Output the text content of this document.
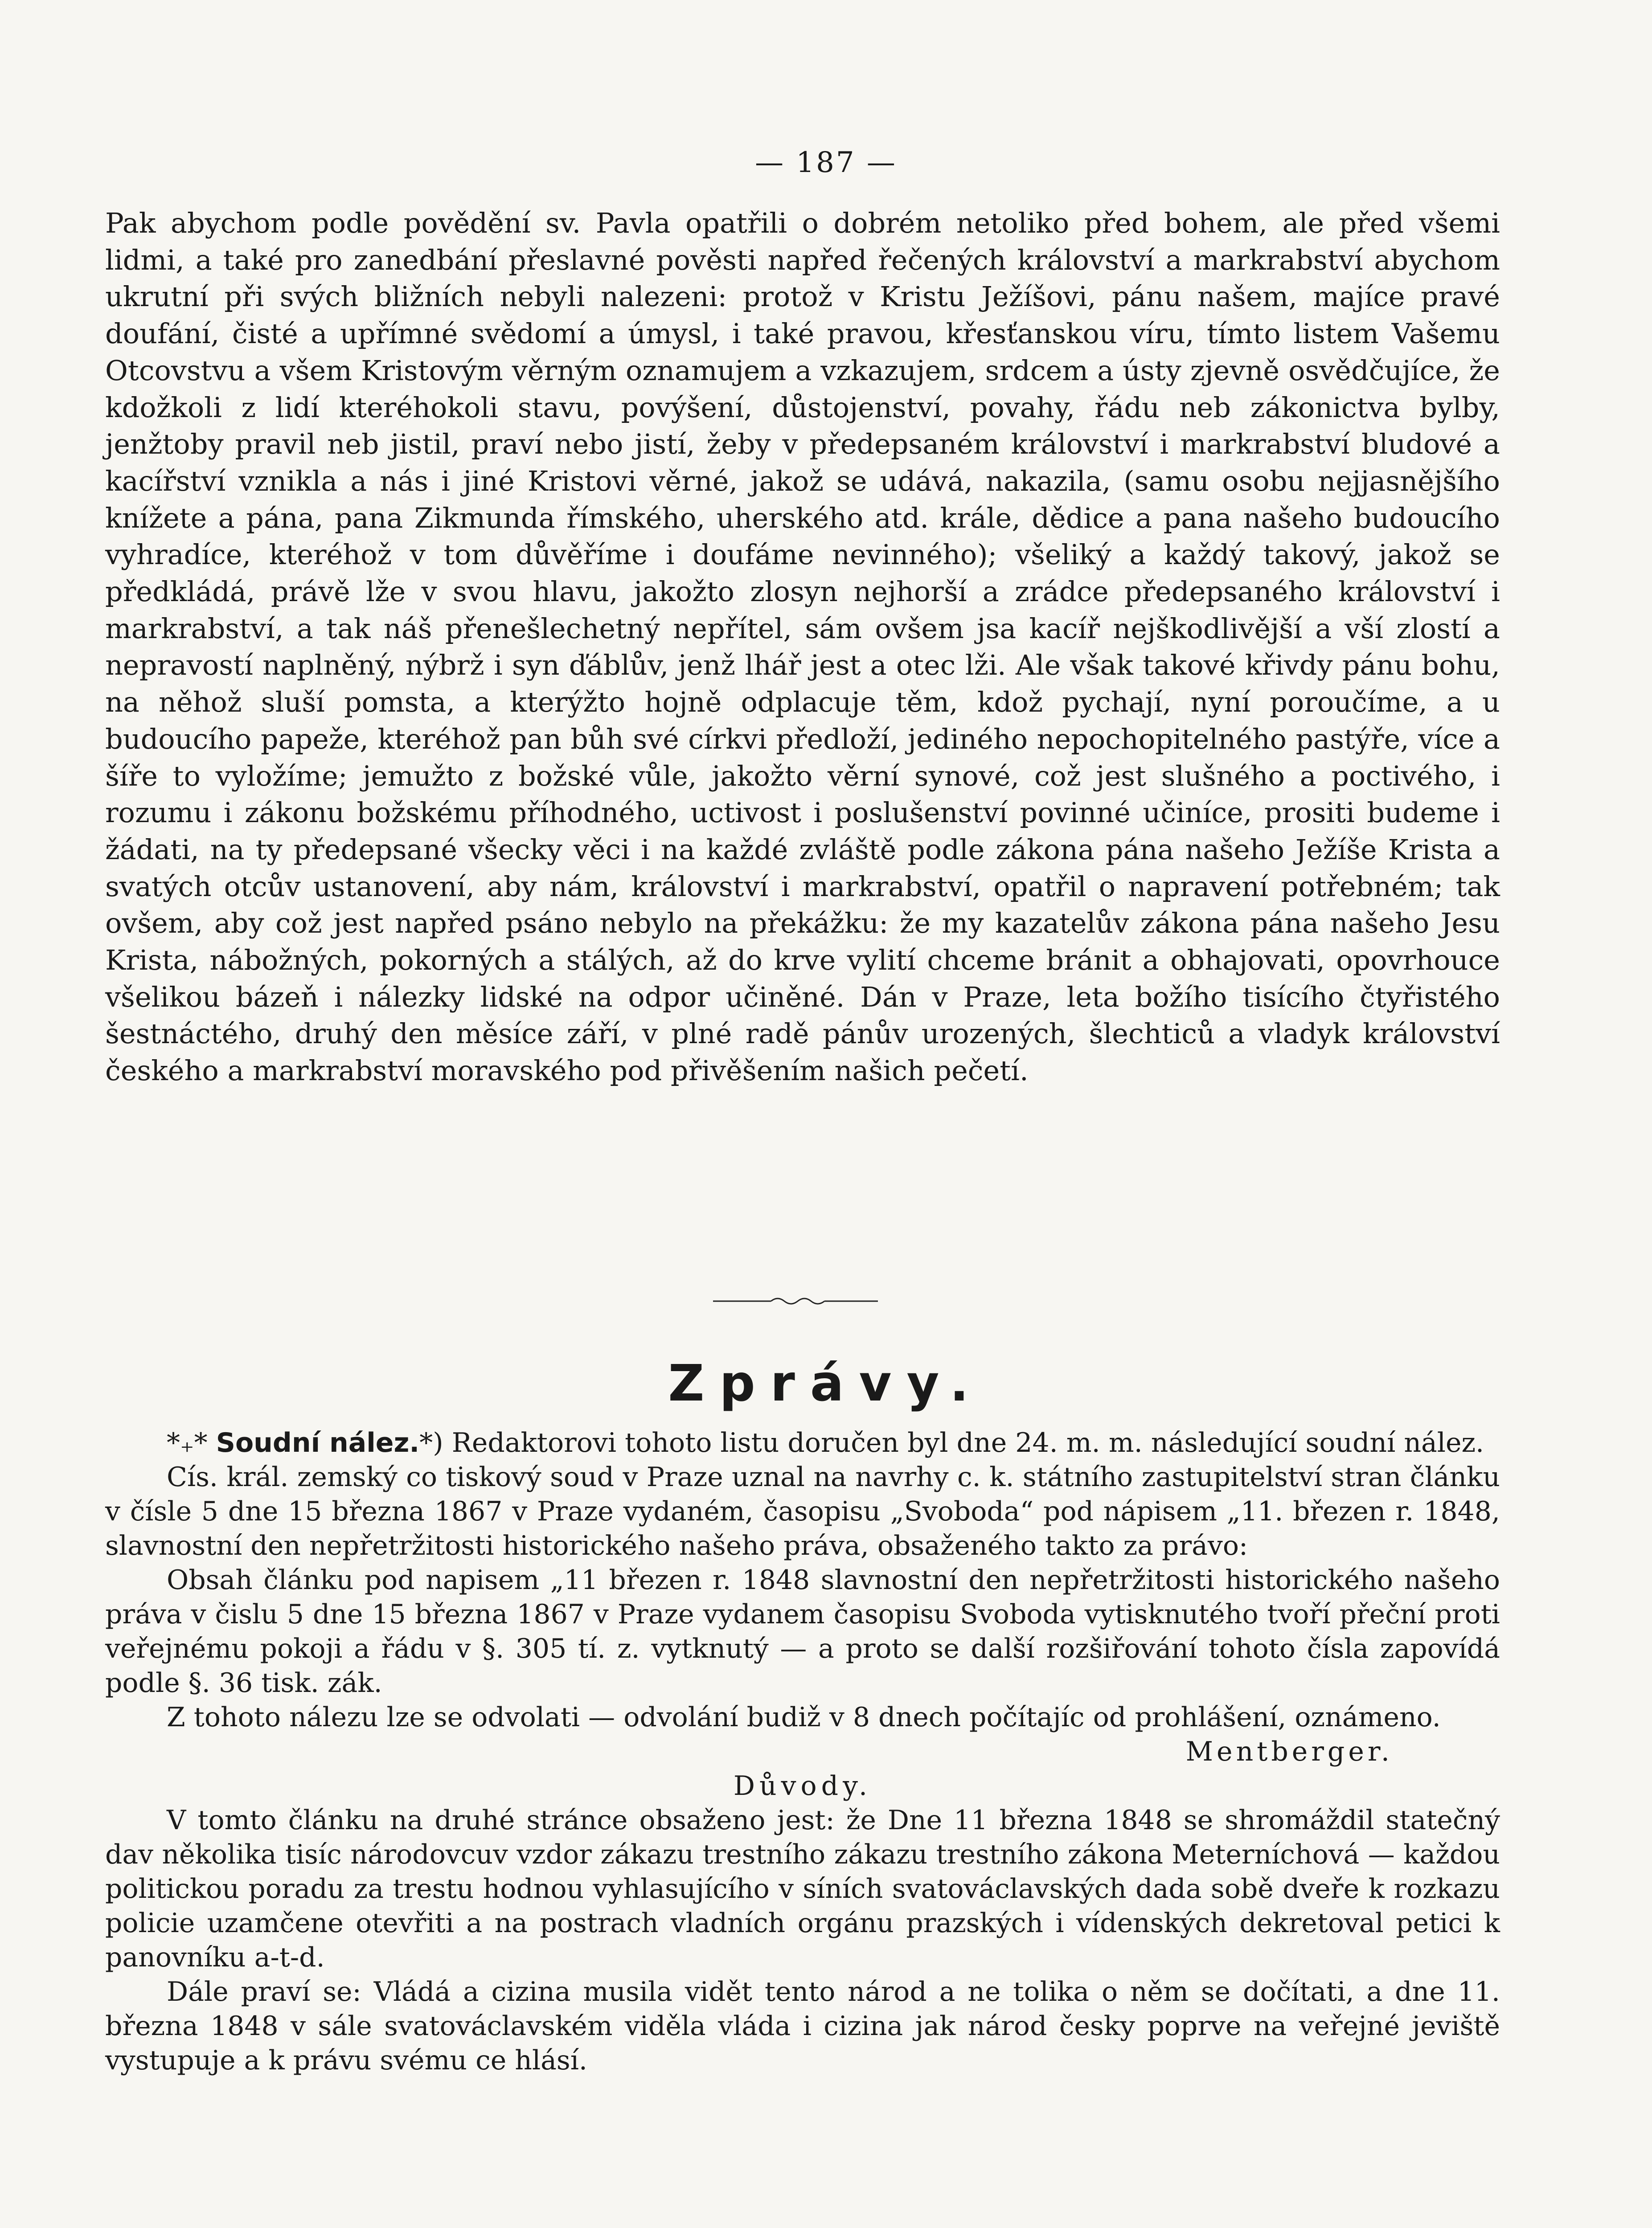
— 187 —

Pak abychom podle povědění sv. Pavla opatřili o dobrém netoliko před bohem, ale před všemi lidmi, a také pro zanedbání přeslavné pověsti napřed řečených království a markrabství abychom ukrutní při svých bližních nebyli nalezeni: protož v Kristu Ježíšovi, pánu našem, majíce pravé doufání, čisté a upřímné svědomí a úmysl, i také pravou, křesťanskou víru, tímto listem Vašemu Otcovstvu a všem Kristovým věrným oznamujem a vzkazujem, srdcem a ústy zjevně osvědčujíce, že kdožkoli z lidí kteréhokoli stavu, povýšení, důstojenství, povahy, řádu neb zákonictva bylby, jenžtoby pravil neb jistil, praví nebo jistí, žeby v předepsaném království i markrabství bludové a kacířství vznikla a nás i jiné Kristovi věrné, jakož se udává, nakazila, (samu osobu nejjasnějšího knížete a pána, pana Zikmunda římského, uherského atd. krále, dědice a pana našeho budoucího vyhradíce, kteréhož v tom důvěříme i doufáme nevinného); všeliký a každý takový, jakož se předkládá, právě lže v svou hlavu, jakožto zlosyn nejhorší a zrádce předepsaného království i markrabství, a tak náš přenešlechetný nepřítel, sám ovšem jsa kacíř nejškodlivější a vší zlostí a nepravostí naplněný, nýbrž i syn ďáblův, jenž lhář jest a otec lži. Ale však takové křivdy pánu bohu, na něhož sluší pomsta, a kterýžto hojně odplacuje těm, kdož pychají, nyní poroučíme, a u budoucího papeže, kteréhož pan bůh své církvi předloží, jediného nepochopitelného pastýře, více a šíře to vyložíme; jemužto z božské vůle, jakožto věrní synové, což jest slušného a poctivého, i rozumu i zákonu božskému příhodného, uctivost i poslušenství povinné učiníce, prositi budeme i žádati, na ty předepsané všecky věci i na každé zvláště podle zákona pána našeho Ježíše Krista a svatých otcův ustanovení, aby nám, království i markrabství, opatřil o napravení potřebném; tak ovšem, aby což jest napřed psáno nebylo na překážku: že my kazatelův zákona pána našeho Jesu Krista, nábožných, pokorných a stálých, až do krve vylití chceme bránit a obhajovati, opovrhouce všelikou bázeň i nálezky lidské na odpor učiněné. Dán v Praze, leta božího tisícího čtyřistého šestnáctého, druhý den měsíce září, v plné radě pánův urozených, šlechticů a vladyk království českého a markrabství moravského pod přivěšením našich pečetí.

Zprávy.

*₊* Soudní nález.*) Redaktorovi tohoto listu doručen byl dne 24. m. m. následující soudní nález.

Cís. král. zemský co tiskový soud v Praze uznal na navrhy c. k. státního zastupitelství stran článku v čísle 5 dne 15 března 1867 v Praze vydaném, časopisu „Svoboda“ pod nápisem „11. březen r. 1848, slavnostní den nepřetržitosti historického našeho práva, obsaženého takto za právo:

Obsah článku pod napisem „11 březen r. 1848 slavnostní den nepřetržitosti historického našeho práva v čislu 5 dne 15 března 1867 v Praze vydanem časopisu Svoboda vytisknutého tvoří přeční proti veřejnému pokoji a řádu v §. 305 tí. z. vytknutý — a proto se další rozšiřování tohoto čísla zapovídá podle §. 36 tisk. zák.

Z tohoto nálezu lze se odvolati — odvolání budiž v 8 dnech počítajíc od prohlášení, oznámeno.

Mentberger.

Důvody.

V tomto článku na druhé stránce obsaženo jest: že Dne 11 března 1848 se shromáždil statečný dav několika tisíc národovcuv vzdor zákazu trestního zákazu trestního zákona Meterníchová — každou politickou poradu za trestu hodnou vyhlasujícího v síních svatováclavských dada sobě dveře k rozkazu policie uzamčene otevřiti a na postrach vladních orgánu prazských i vídenských dekretoval petici k panovníku a-t-d.

Dále praví se: Vládá a cizina musila vidět tento národ a ne tolika o něm se dočítati, a dne 11. března 1848 v sále svatováclavském viděla vláda i cizina jak národ česky poprve na veřejné jeviště vystupuje a k právu svému ce hlásí.
